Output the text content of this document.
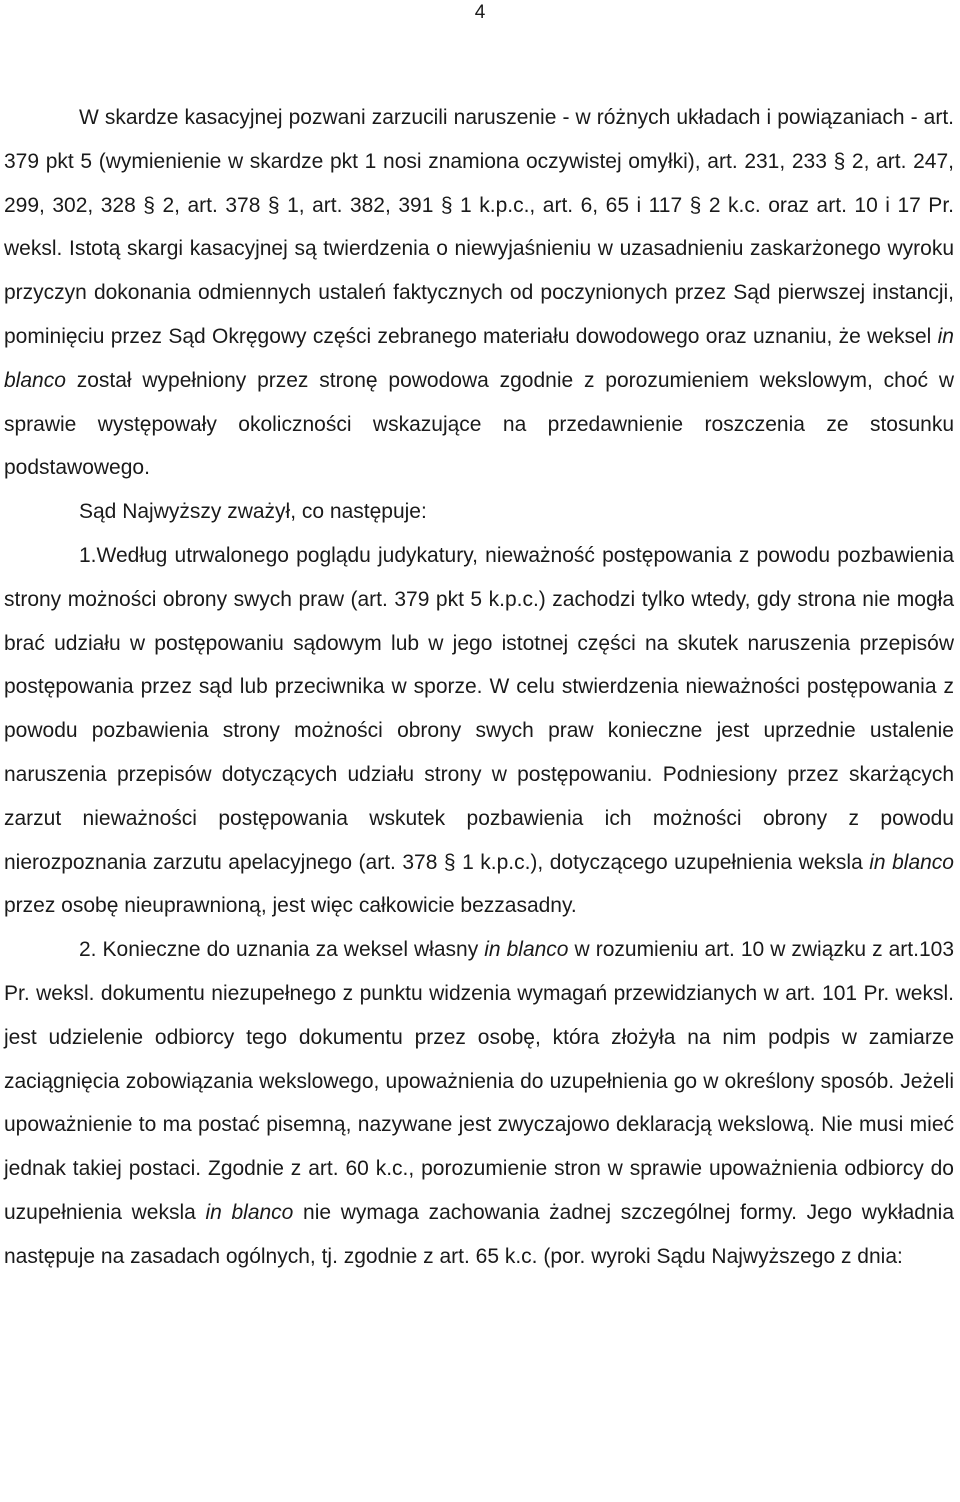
4

W skardze kasacyjnej pozwani zarzucili naruszenie - w różnych układach i powiązaniach - art. 379 pkt 5 (wymienienie w skardze pkt 1 nosi znamiona oczywistej omyłki), art. 231, 233 § 2, art. 247, 299, 302, 328 § 2, art. 378 § 1, art. 382, 391 § 1 k.p.c., art. 6, 65 i 117 § 2 k.c. oraz art. 10 i 17 Pr. weksl. Istotą skargi kasacyjnej są twierdzenia o niewyjaśnieniu w uzasadnieniu zaskarżonego wyroku przyczyn dokonania odmiennych ustaleń faktycznych od poczynionych przez Sąd pierwszej instancji, pominięciu przez Sąd Okręgowy części zebranego materiału dowodowego oraz uznaniu, że weksel in blanco został wypełniony przez stronę powodowa zgodnie z porozumieniem wekslowym, choć w sprawie występowały okoliczności wskazujące na przedawnienie roszczenia ze stosunku podstawowego.

Sąd Najwyższy zważył, co następuje:

1.Według utrwalonego poglądu judykatury, nieważność postępowania z powodu pozbawienia strony możności obrony swych praw (art. 379 pkt 5 k.p.c.) zachodzi tylko wtedy, gdy strona nie mogła brać udziału w postępowaniu sądowym lub w jego istotnej części na skutek naruszenia przepisów postępowania przez sąd lub przeciwnika w sporze. W celu stwierdzenia nieważności postępowania z powodu pozbawienia strony możności obrony swych praw konieczne jest uprzednie ustalenie naruszenia przepisów dotyczących udziału strony w postępowaniu. Podniesiony przez skarżących zarzut nieważności postępowania wskutek pozbawienia ich możności obrony z powodu nierozpoznania zarzutu apelacyjnego (art. 378 § 1 k.p.c.), dotyczącego uzupełnienia weksla in blanco przez osobę nieuprawnioną, jest więc całkowicie bezzasadny.

2. Konieczne do uznania za weksel własny in blanco w rozumieniu art. 10 w związku z art.103 Pr. weksl. dokumentu niezupełnego z punktu widzenia wymagań przewidzianych w art. 101 Pr. weksl. jest udzielenie odbiorcy tego dokumentu przez osobę, która złożyła na nim podpis w zamiarze zaciągnięcia zobowiązania wekslowego, upoważnienia do uzupełnienia go w określony sposób. Jeżeli upoważnienie to ma postać pisemną, nazywane jest zwyczajowo deklaracją wekslową. Nie musi mieć jednak takiej postaci. Zgodnie z art. 60 k.c., porozumienie stron w sprawie upoważnienia odbiorcy do uzupełnienia weksla in blanco nie wymaga zachowania żadnej szczególnej formy. Jego wykładnia następuje na zasadach ogólnych, tj. zgodnie z art. 65 k.c. (por. wyroki Sądu Najwyższego z dnia:
